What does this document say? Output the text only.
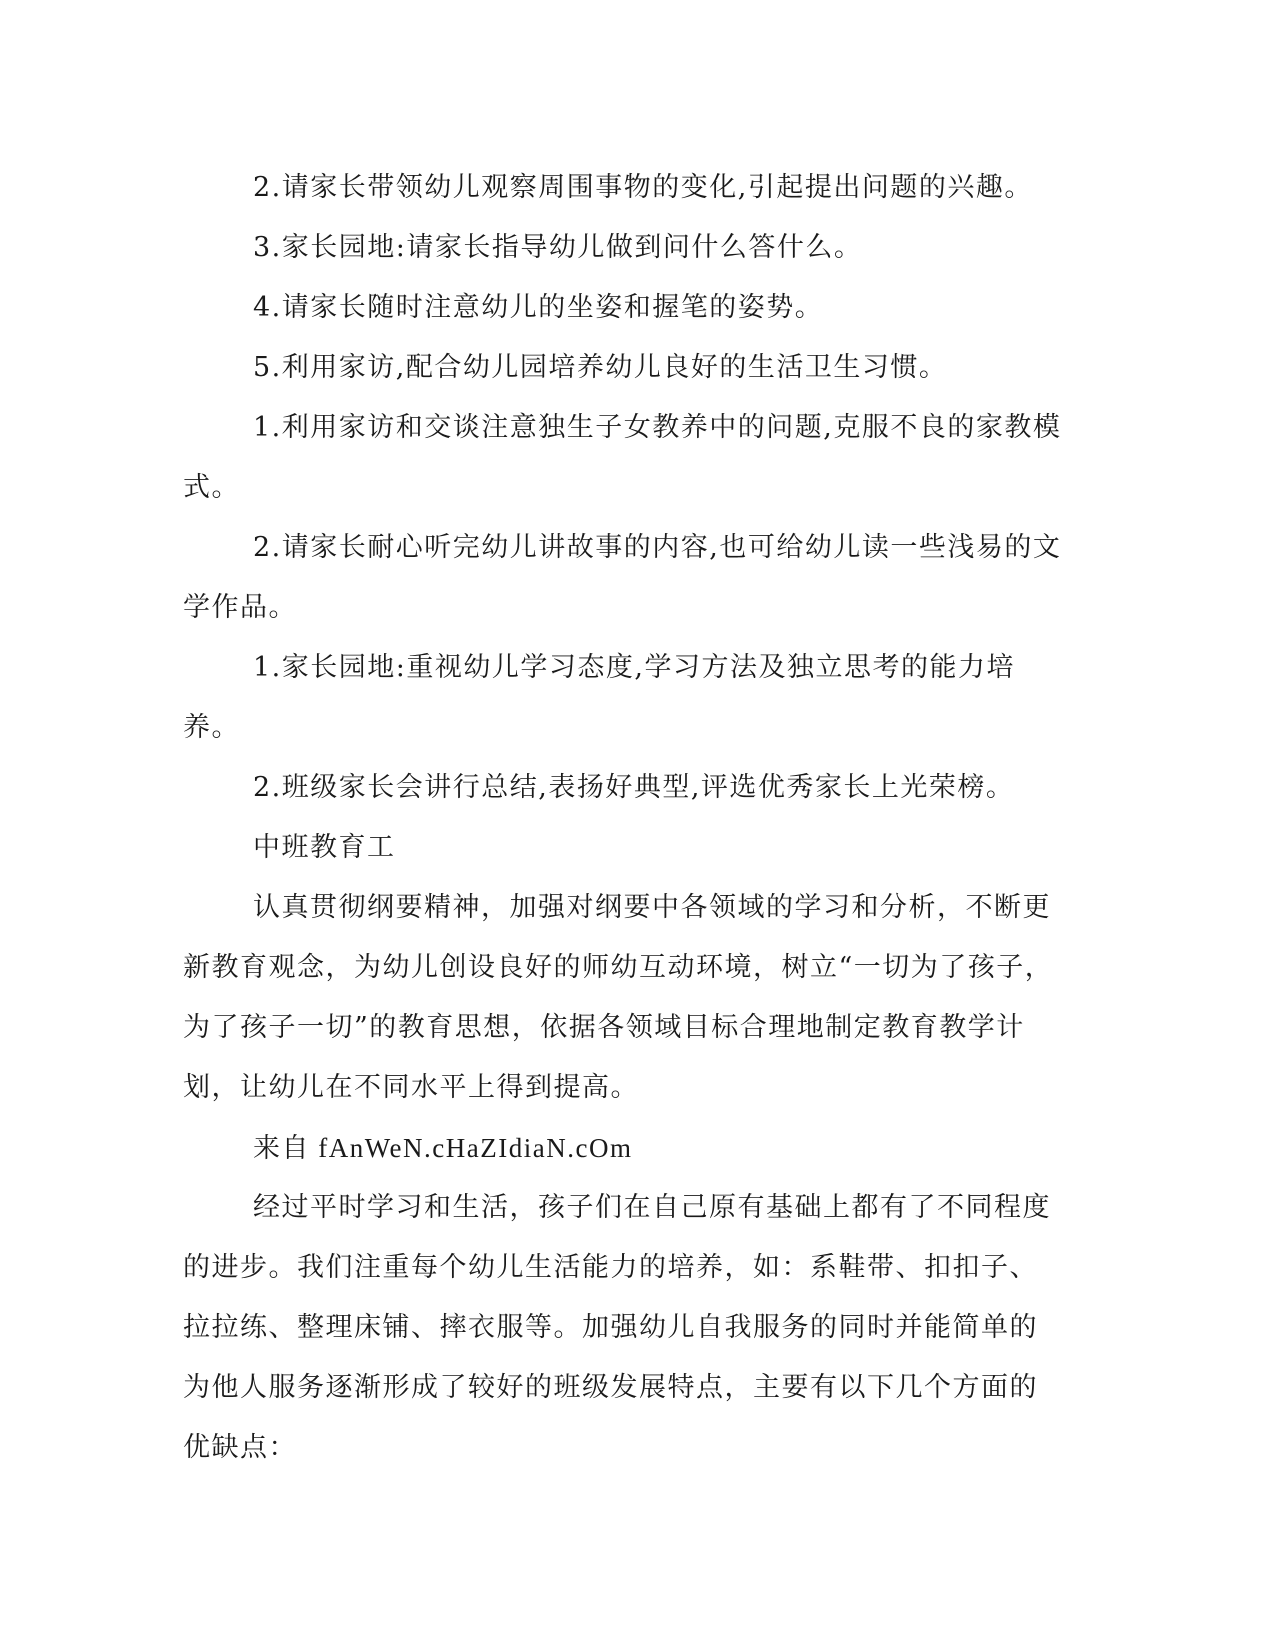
2.请家长带领幼儿观察周围事物的变化,引起提出问题的兴趣。

3.家长园地:请家长指导幼儿做到问什么答什么。

4.请家长随时注意幼儿的坐姿和握笔的姿势。

5.利用家访,配合幼儿园培养幼儿良好的生活卫生习惯。

1.利用家访和交谈注意独生子女教养中的问题,克服不良的家教模式。

2.请家长耐心听完幼儿讲故事的内容,也可给幼儿读一些浅易的文学作品。

1.家长园地:重视幼儿学习态度,学习方法及独立思考的能力培养。

2.班级家长会讲行总结,表扬好典型,评选优秀家长上光荣榜。

中班教育工

认真贯彻纲要精神，加强对纲要中各领域的学习和分析，不断更新教育观念，为幼儿创设良好的师幼互动环境，树立“一切为了孩子，为了孩子一切”的教育思想，依据各领域目标合理地制定教育教学计划，让幼儿在不同水平上得到提高。

来自 fAnWeN.cHaZIdiaN.cOm

经过平时学习和生活，孩子们在自己原有基础上都有了不同程度的进步。我们注重每个幼儿生活能力的培养，如：系鞋带、扣扣子、拉拉练、整理床铺、摔衣服等。加强幼儿自我服务的同时并能简单的为他人服务逐渐形成了较好的班级发展特点，主要有以下几个方面的优缺点：
